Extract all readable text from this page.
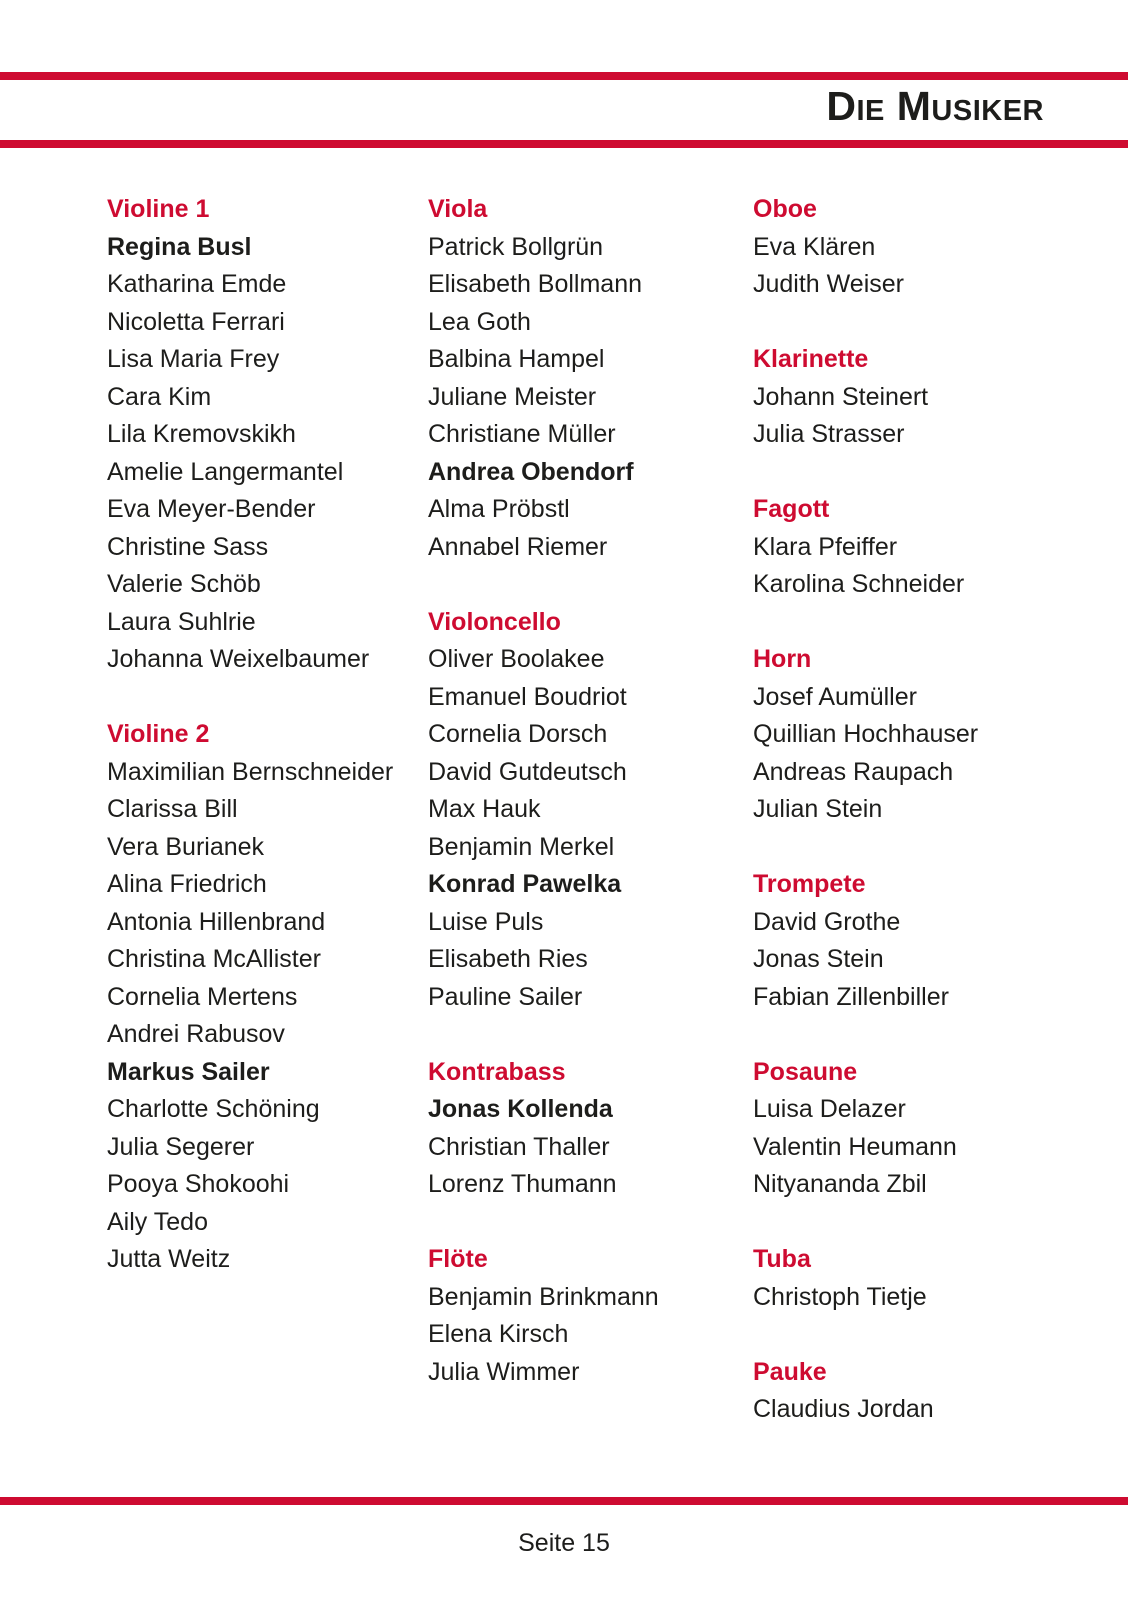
Die Musiker
Violine 1
Regina Busl
Katharina Emde
Nicoletta Ferrari
Lisa Maria Frey
Cara Kim
Lila Kremovskikh
Amelie Langermantel
Eva Meyer-Bender
Christine Sass
Valerie Schöb
Laura Suhlrie
Johanna Weixelbaumer
Violine 2
Maximilian Bernschneider
Clarissa Bill
Vera Burianek
Alina Friedrich
Antonia Hillenbrand
Christina McAllister
Cornelia Mertens
Andrei Rabusov
Markus Sailer
Charlotte Schöning
Julia Segerer
Pooya Shokoohi
Aily Tedo
Jutta Weitz
Viola
Patrick Bollgrün
Elisabeth Bollmann
Lea Goth
Balbina Hampel
Juliane Meister
Christiane Müller
Andrea Obendorf
Alma Pröbstl
Annabel Riemer
Violoncello
Oliver Boolakee
Emanuel Boudriot
Cornelia Dorsch
David Gutdeutsch
Max Hauk
Benjamin Merkel
Konrad Pawelka
Luise Puls
Elisabeth Ries
Pauline Sailer
Kontrabass
Jonas Kollenda
Christian Thaller
Lorenz Thumann
Flöte
Benjamin Brinkmann
Elena Kirsch
Julia Wimmer
Oboe
Eva Klären
Judith Weiser
Klarinette
Johann Steinert
Julia Strasser
Fagott
Klara Pfeiffer
Karolina Schneider
Horn
Josef Aumüller
Quillian Hochhauser
Andreas Raupach
Julian Stein
Trompete
David Grothe
Jonas Stein
Fabian Zillenbiller
Posaune
Luisa Delazer
Valentin Heumann
Nityananda Zbil
Tuba
Christoph Tietje
Pauke
Claudius Jordan
Seite 15
